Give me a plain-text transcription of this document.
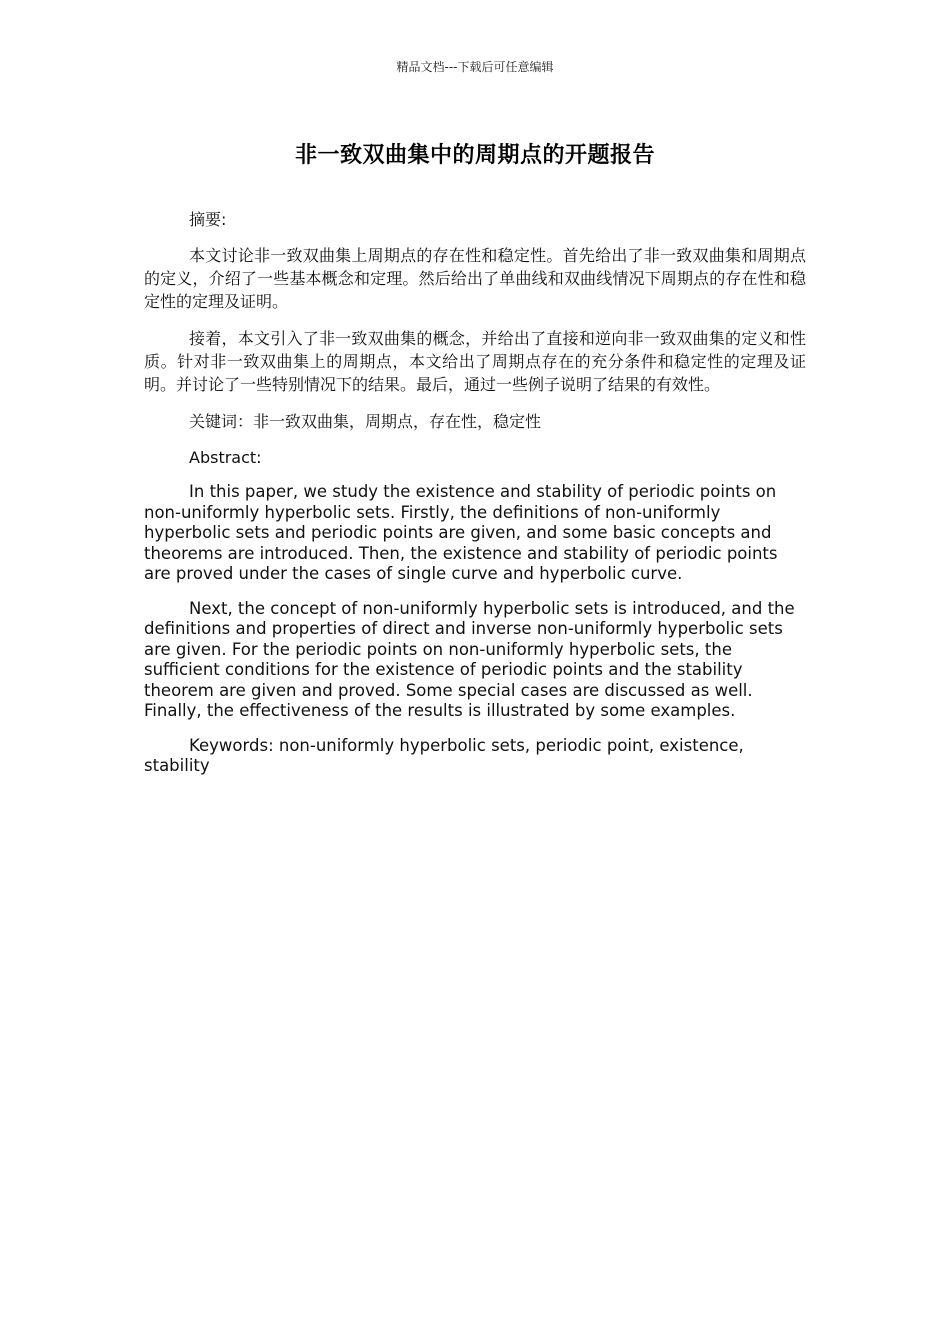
精品文档---下载后可任意编辑
非一致双曲集中的周期点的开题报告

摘要:

本文讨论非一致双曲集上周期点的存在性和稳定性。首先给出了非一致双曲集和周期点的定义，介绍了一些基本概念和定理。然后给出了单曲线和双曲线情况下周期点的存在性和稳定性的定理及证明。

接着，本文引入了非一致双曲集的概念，并给出了直接和逆向非一致双曲集的定义和性质。针对非一致双曲集上的周期点，本文给出了周期点存在的充分条件和稳定性的定理及证明。并讨论了一些特别情况下的结果。最后，通过一些例子说明了结果的有效性。

关键词：非一致双曲集，周期点，存在性，稳定性

Abstract:

In this paper, we study the existence and stability of periodic points on non-uniformly hyperbolic sets. Firstly, the definitions of non-uniformly hyperbolic sets and periodic points are given, and some basic concepts and theorems are introduced. Then, the existence and stability of periodic points are proved under the cases of single curve and hyperbolic curve.

Next, the concept of non-uniformly hyperbolic sets is introduced, and the definitions and properties of direct and inverse non-uniformly hyperbolic sets are given. For the periodic points on non-uniformly hyperbolic sets, the sufficient conditions for the existence of periodic points and the stability theorem are given and proved. Some special cases are discussed as well. Finally, the effectiveness of the results is illustrated by some examples.

Keywords: non-uniformly hyperbolic sets, periodic point, existence, stability
